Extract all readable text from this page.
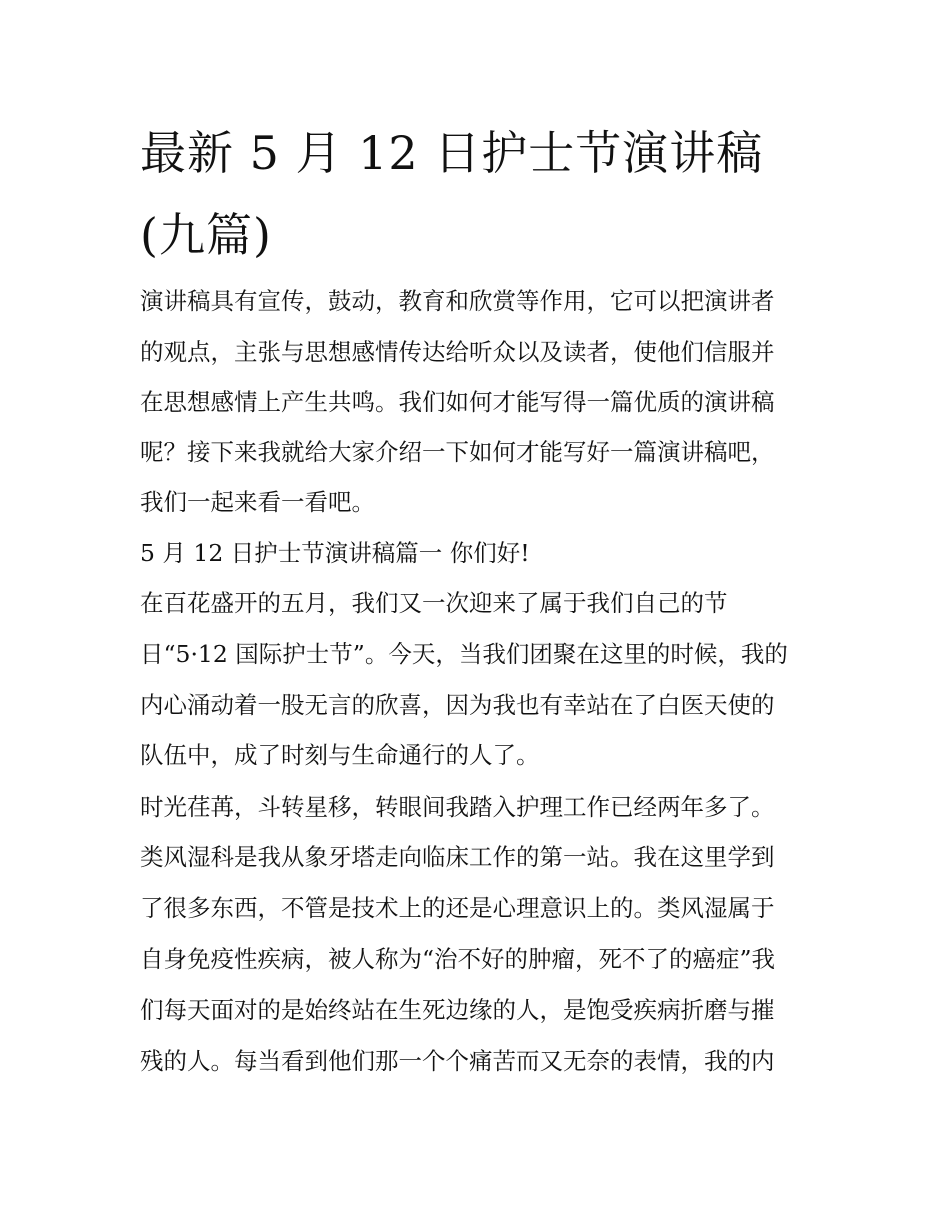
最新 5 月 12 日护士节演讲稿
(九篇)

演讲稿具有宣传，鼓动，教育和欣赏等作用，它可以把演讲者

的观点，主张与思想感情传达给听众以及读者，使他们信服并

在思想感情上产生共鸣。我们如何才能写得一篇优质的演讲稿

呢？接下来我就给大家介绍一下如何才能写好一篇演讲稿吧，

我们一起来看一看吧。

5 月 12 日护士节演讲稿篇一 你们好!

在百花盛开的五月，我们又一次迎来了属于我们自己的节

日“5·12 国际护士节”。今天，当我们团聚在这里的时候，我的

内心涌动着一股无言的欣喜，因为我也有幸站在了白医天使的

队伍中，成了时刻与生命通行的人了。

时光荏苒，斗转星移，转眼间我踏入护理工作已经两年多了。

类风湿科是我从象牙塔走向临床工作的第一站。我在这里学到

了很多东西，不管是技术上的还是心理意识上的。类风湿属于

自身免疫性疾病，被人称为“治不好的肿瘤，死不了的癌症”我

们每天面对的是始终站在生死边缘的人，是饱受疾病折磨与摧

残的人。每当看到他们那一个个痛苦而又无奈的表情，我的内
